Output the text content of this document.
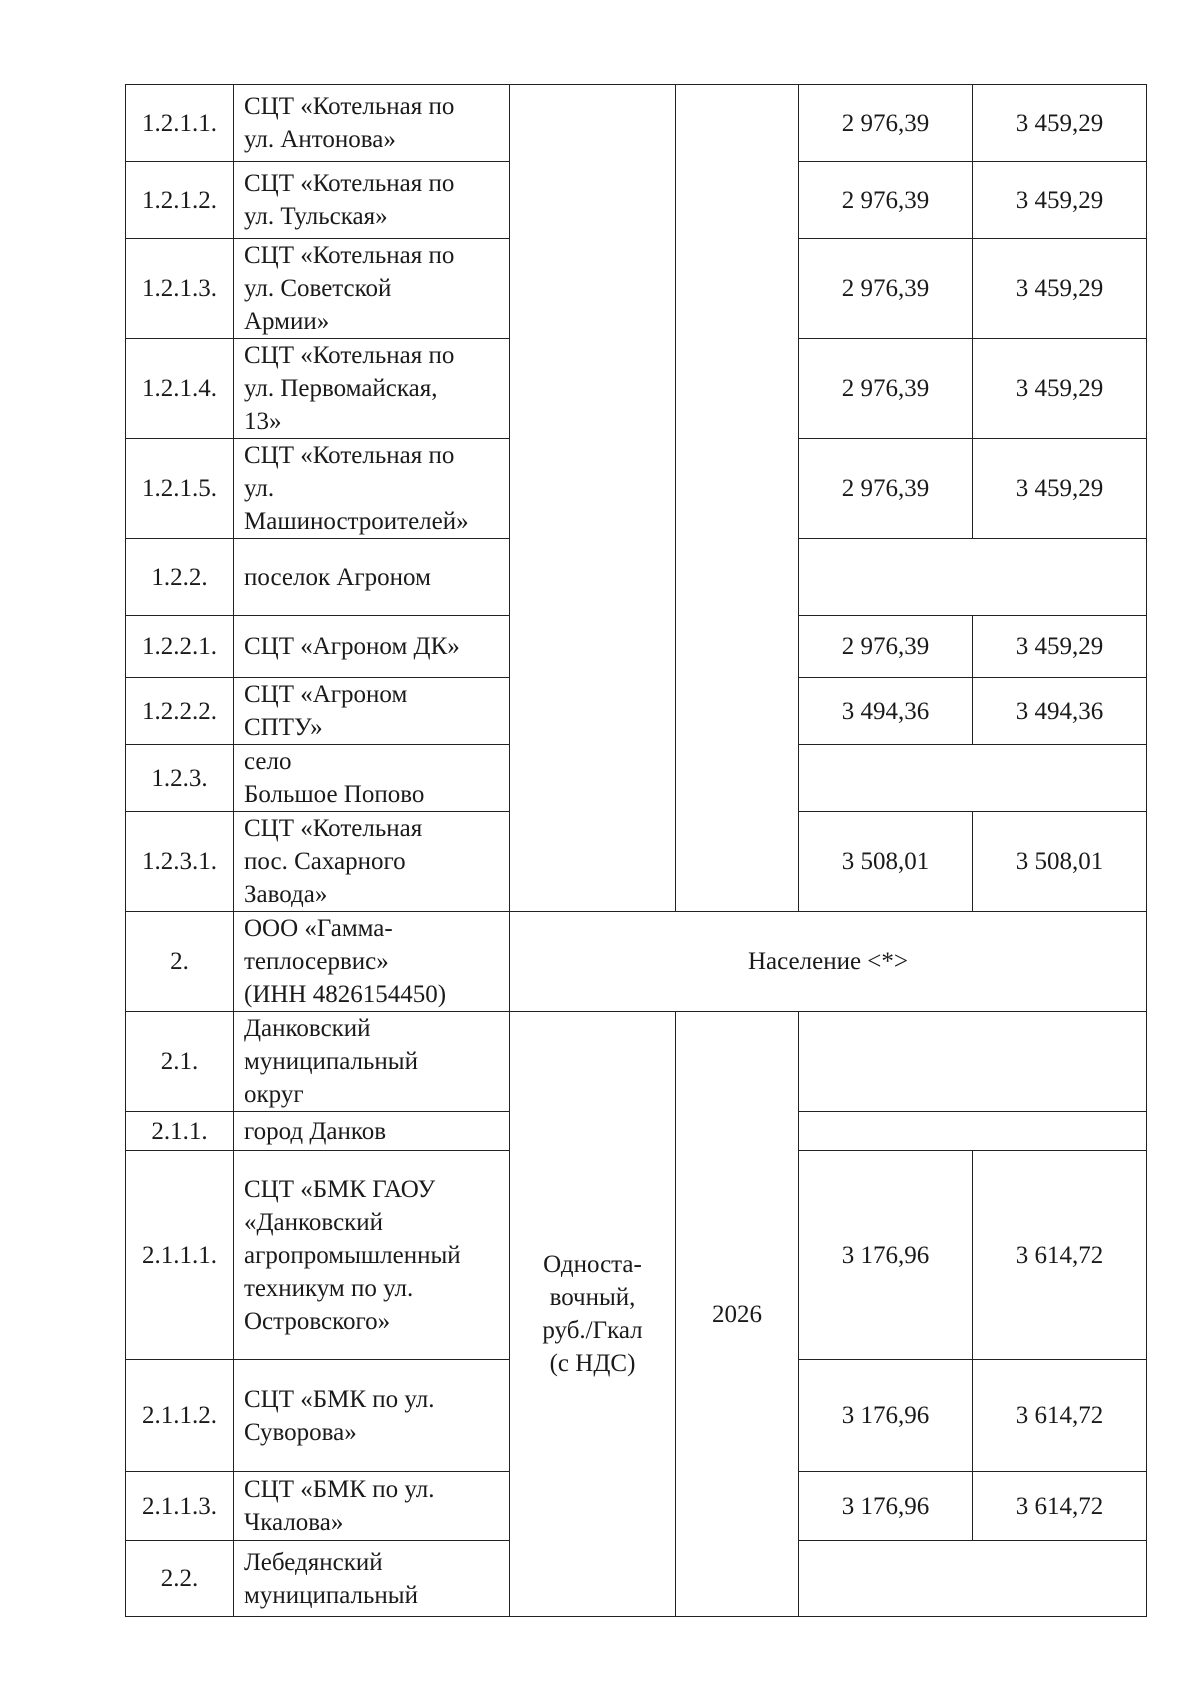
1.2.1.1.	СЦТ «Котельная по
ул. Антонова»			2 976,39	3 459,29
1.2.1.2.	СЦТ «Котельная по
ул. Тульская»			2 976,39	3 459,29
1.2.1.3.	СЦТ «Котельная по
ул. Советской
Армии»			2 976,39	3 459,29
1.2.1.4.	СЦТ «Котельная по
ул. Первомайская,
13»			2 976,39	3 459,29
1.2.1.5.	СЦТ «Котельная по
ул.
Машиностроителей»			2 976,39	3 459,29
1.2.2.	поселок Агроном				

1.2.2.1.	СЦТ «Агроном ДК»			2 976,39	3 459,29
1.2.2.2.	СЦТ «Агроном
СПТУ»			3 494,36	3 494,36
1.2.3.	село
Большое Попово				

1.2.3.1.	СЦТ «Котельная
пос. Сахарного
Завода»			3 508,01	3 508,01
2.	ООО «Гамма-
теплосервис»
(ИНН 4826154450)	Население <*>			
2.1.	Данковский
муниципальный
округ	Односта-
вочный,
руб./Гкал
(с НДС)	2026		
2.1.1.	город Данков				

2.1.1.1.	СЦТ «БМК ГАОУ
«Данковский
агропромышленный
техникум по ул.
Островского»			3 176,96	3 614,72
2.1.1.2.	СЦТ «БМК по ул.
Суворова»			3 176,96	3 614,72
2.1.1.3.	СЦТ «БМК по ул.
Чкалова»			3 176,96	3 614,72
2.2.	Лебедянский
муниципальный				
